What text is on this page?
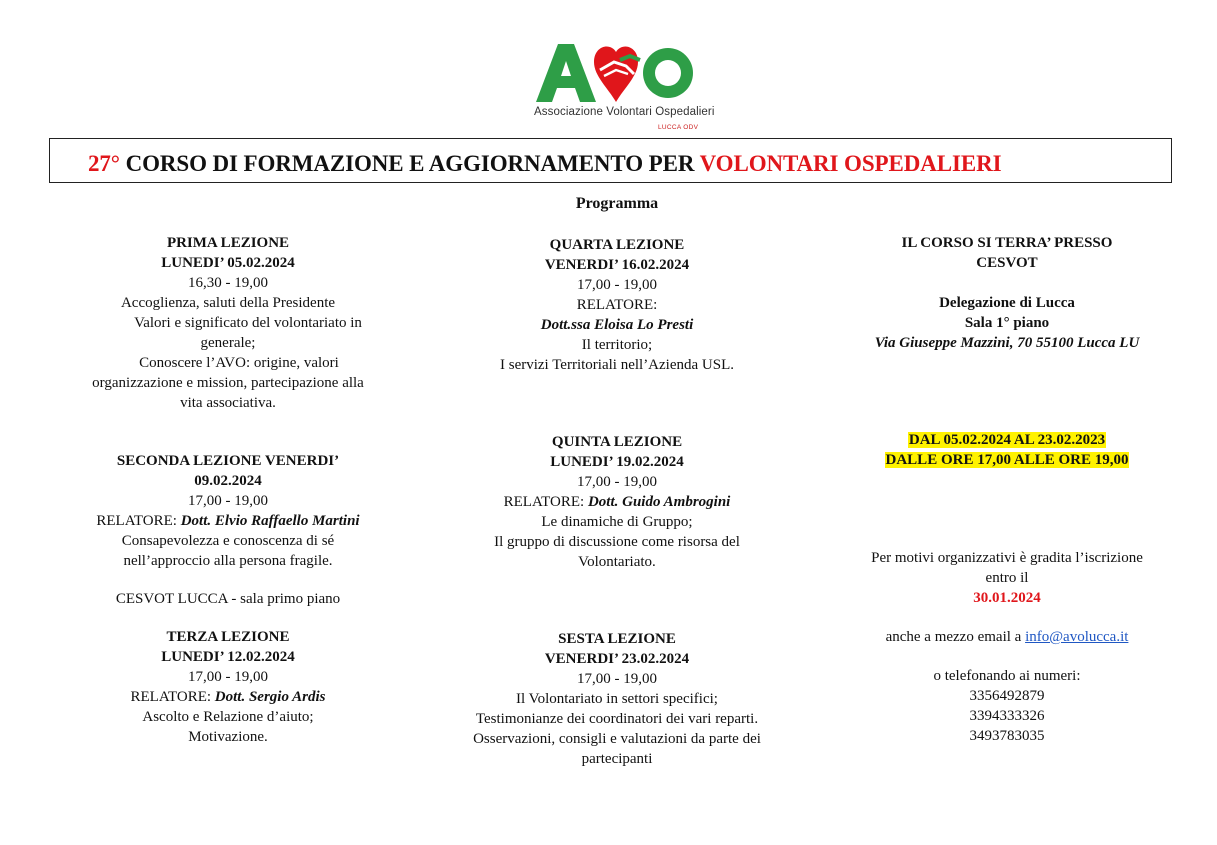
Associazione Volontari Ospedalieri
LUCCA ODV
27° CORSO DI FORMAZIONE E AGGIORNAMENTO PER VOLONTARI OSPEDALIERI
Programma
PRIMA LEZIONE
LUNEDI’ 05.02.2024
16,30 - 19,00
Accoglienza, saluti della Presidente
Valori e significato del volontariato in
generale;
Conoscere l’AVO: origine, valori
organizzazione e mission, partecipazione alla
vita associativa.
SECONDA LEZIONE VENERDI’
09.02.2024
17,00 - 19,00
RELATORE: Dott. Elvio Raffaello Martini
Consapevolezza e conoscenza di sé
nell’approccio alla persona fragile.
CESVOT LUCCA - sala primo piano
TERZA LEZIONE
LUNEDI’ 12.02.2024
17,00 - 19,00
RELATORE: Dott. Sergio Ardis
Ascolto e Relazione d’aiuto;
Motivazione.
QUARTA LEZIONE
VENERDI’ 16.02.2024
17,00 - 19,00
RELATORE:
Dott.ssa Eloisa Lo Presti
Il territorio;
I servizi Territoriali nell’Azienda USL.
QUINTA LEZIONE
LUNEDI’ 19.02.2024
17,00 - 19,00
RELATORE: Dott. Guido Ambrogini
Le dinamiche di Gruppo;
Il gruppo di discussione come risorsa del
Volontariato.
SESTA LEZIONE
VENERDI’ 23.02.2024
17,00 - 19,00
Il Volontariato in settori specifici;
Testimonianze dei coordinatori dei vari reparti.
Osservazioni, consigli e valutazioni da parte dei
partecipanti
IL CORSO SI TERRA’ PRESSO
CESVOT
Delegazione di Lucca
Sala 1° piano
Via Giuseppe Mazzini, 70 55100 Lucca LU
DAL 05.02.2024 AL 23.02.2023
DALLE ORE 17,00 ALLE ORE 19,00
Per motivi organizzativi è gradita l’iscrizione
entro il
30.01.2024
anche a mezzo email a info@avolucca.it
o telefonando ai numeri:
3356492879
3394333326
3493783035
